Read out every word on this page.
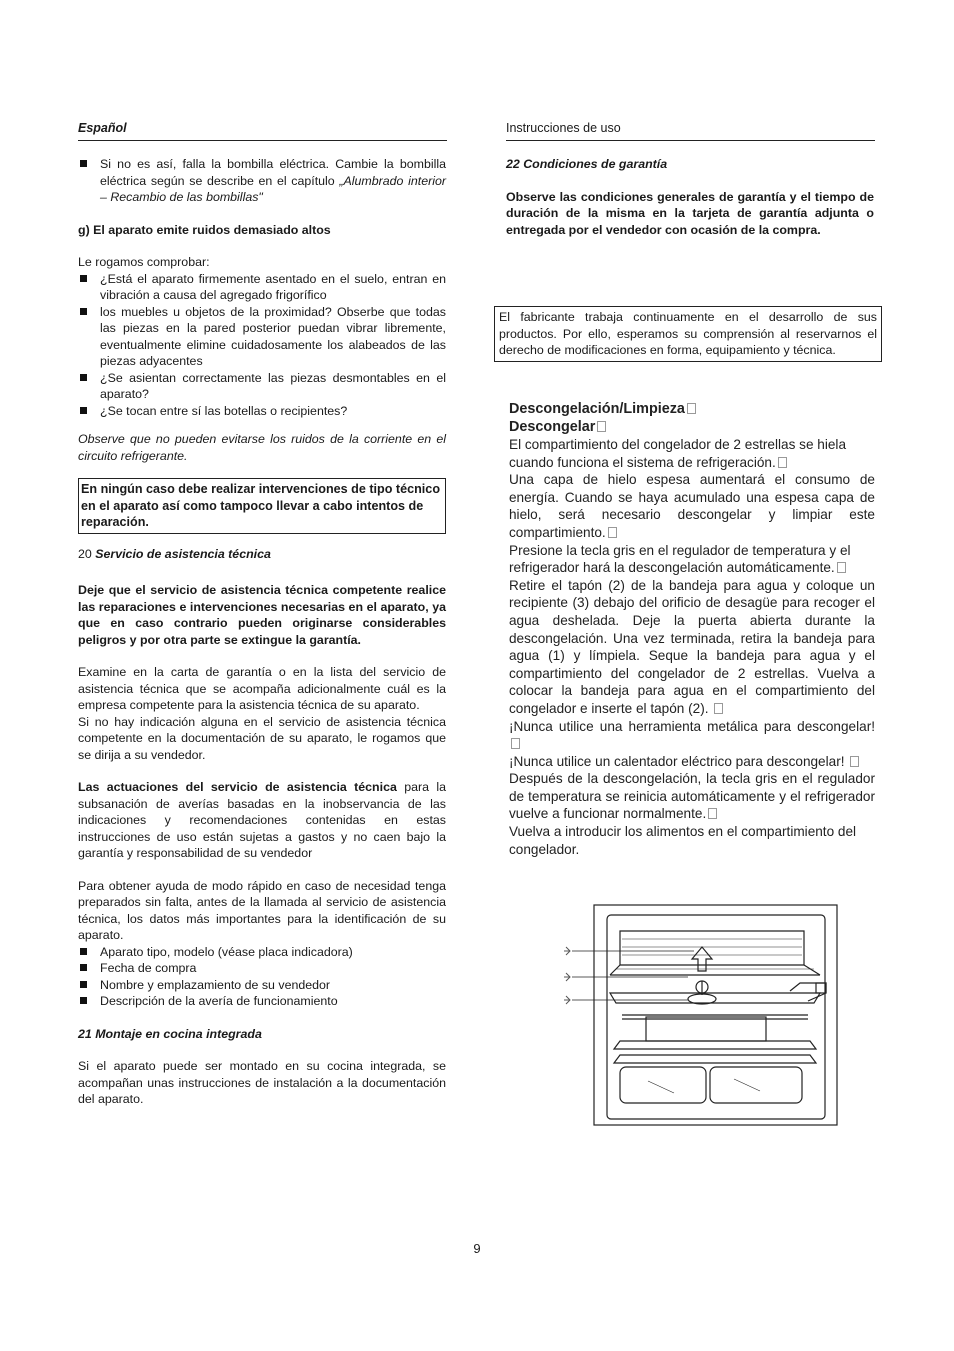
Español	Instrucciones de uso
Si no es así, falla la bombilla eléctrica. Cambie la bombilla eléctrica según se describe en el capítulo „Alumbrado interior – Recambio de las bombillas"

g) El aparato emite ruidos demasiado altos

Le rogamos comprobar:

¿Está el aparato firmemente asentado en el suelo, entran en vibración a causa del agregado frigorífico
los muebles u objetos de la proximidad? Obserbe que todas las piezas en la pared posterior puedan vibrar libremente, eventualmente elimine cuidadosamente los alabeados de las piezas adyacentes
¿Se asientan correctamente las piezas desmontables en el aparato?
¿Se tocan entre sí las botellas o recipientes?

Observe que no pueden evitarse los ruidos de la corriente en el circuito refrigerante.

En ningún caso debe realizar intervenciones de tipo técnico en el aparato así como tampoco llevar a cabo intentos de reparación.

20 Servicio de asistencia técnica

Deje que el servicio de asistencia técnica competente realice las reparaciones e intervenciones necesarias en el aparato, ya que en caso contrario pueden originarse considerables peligros y por otra parte se extingue la garantía.

Examine en la carta de garantía o en la lista del servicio de asistencia técnica que se acompaña adicionalmente cuál es la empresa competente para la asistencia técnica de su aparato.

Si no hay indicación alguna en el servicio de asistencia técnica competente en la documentación de su aparato, le rogamos que se dirija a su vendedor.

Las actuaciones del servicio de asistencia técnica para la subsanación de averías basadas en la inobservancia de las indicaciones y recomendaciones contenidas en estas instrucciones de uso están sujetas a gastos y no caen bajo la garantía y responsabilidad de su vendedor

Para obtener ayuda de modo rápido en caso de necesidad tenga preparados sin falta, antes de la llamada al servicio de asistencia técnica, los datos más importantes para la identificación de su aparato.

Aparato tipo, modelo (véase placa indicadora)
Fecha de compra
Nombre y emplazamiento de su vendedor
Descripción de la avería de funcionamiento

21 Montaje en cocina integrada

Si el aparato puede ser montado en su cocina integrada, se acompañan unas instrucciones de instalación a la documentación del aparato.

22 Condiciones de garantía

Observe las condiciones generales de garantía y el tiempo de duración de la misma en la tarjeta de garantía adjunta o entregada por el vendedor con ocasión de la compra.

El fabricante trabaja continuamente en el desarrollo de sus productos. Por ello, esperamos su comprensión al reservarnos el derecho de modificaciones en forma, equipamiento y técnica.

Descongelación/Limpieza

Descongelar

El compartimiento del congelador de 2 estrellas se hiela cuando funciona el sistema de refrigeración.

Una capa de hielo espesa aumentará el consumo de energía. Cuando se haya acumulado una espesa capa de hielo, será necesario descongelar y limpiar este compartimiento.

Presione la tecla gris en el regulador de temperatura y el refrigerador hará la descongelación automáticamente.

Retire el tapón (2) de la bandeja para agua y coloque un recipiente (3) debajo del orificio de desagüe para recoger el agua deshelada. Deje la puerta abierta durante la descongelación. Una vez terminada, retira la bandeja para agua (1) y límpiela. Seque la bandeja para agua y el compartimiento del congelador de 2 estrellas. Vuelva a colocar la bandeja para agua en el compartimiento del congelador e inserte el tapón (2).

¡Nunca utilice una herramienta metálica para descongelar!

¡Nunca utilice un calentador eléctrico para descongelar!

Después de la descongelación, la tecla gris en el regulador de temperatura se reinicia automáticamente y el refrigerador vuelve a funcionar normalmente.

Vuelva a introducir los alimentos en el compartimiento del congelador.

9
